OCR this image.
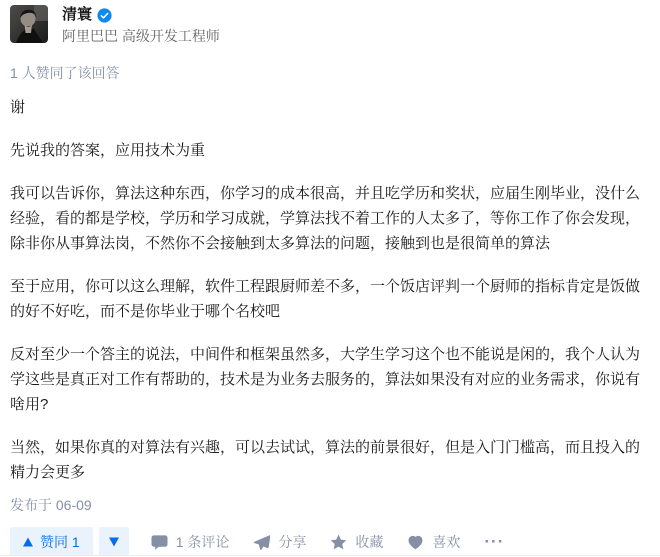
清寰
阿里巴巴 高级开发工程师
1 人赞同了该回答

谢

先说我的答案，应用技术为重

我可以告诉你，算法这种东西，你学习的成本很高，并且吃学历和奖状，应届生刚毕业，没什么经验，看的都是学校，学历和学习成就，学算法找不着工作的人太多了，等你工作了你会发现，除非你从事算法岗，不然你不会接触到太多算法的问题，接触到也是很简单的算法

至于应用，你可以这么理解，软件工程跟厨师差不多，一个饭店评判一个厨师的指标肯定是饭做的好不好吃，而不是你毕业于哪个名校吧

反对至少一个答主的说法，中间件和框架虽然多，大学生学习这个也不能说是闲的，我个人认为学这些是真正对工作有帮助的，技术是为业务去服务的，算法如果没有对应的业务需求，你说有啥用?

当然，如果你真的对算法有兴趣，可以去试试，算法的前景很好，但是入门门槛高，而且投入的精力会更多

发布于 06-09
赞同 1	1 条评论	分享	收藏	喜欢 ···
